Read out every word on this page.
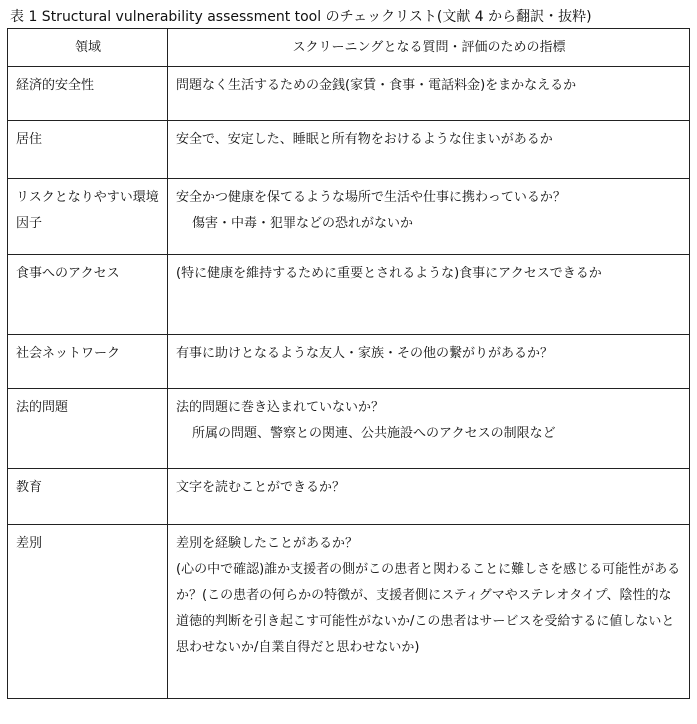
表 1 Structural vulnerability assessment tool のチェックリスト(文献 4 から翻訳・抜粋)
領域	スクリーニングとなる質問・評価のための指標

経済的安全性	問題なく生活するための金銭(家賃・食事・電話料金)をまかなえるか

居住	安全で、安定した、睡眠と所有物をおけるような住まいがあるか

リスクとなりやすい環境因子	安全かつ健康を保てるような場所で生活や仕事に携わっているか？
傷害・中毒・犯罪などの恐れがないか

食事へのアクセス	(特に健康を維持するために重要とされるような)食事にアクセスできるか

社会ネットワーク	有事に助けとなるような友人・家族・その他の繋がりがあるか？

法的問題	法的問題に巻き込まれていないか？
所属の問題、警察との関連、公共施設へのアクセスの制限など

教育	文字を読むことができるか？

差別	差別を経験したことがあるか？
(心の中で確認)誰か支援者の側がこの患者と関わることに難しさを感じる可能性があるか？(この患者の何らかの特徴が、支援者側にスティグマやステレオタイプ、陰性的な道徳的判断を引き起こす可能性がないか/この患者はサービスを受給するに値しないと思わせないか/自業自得だと思わせないか)
